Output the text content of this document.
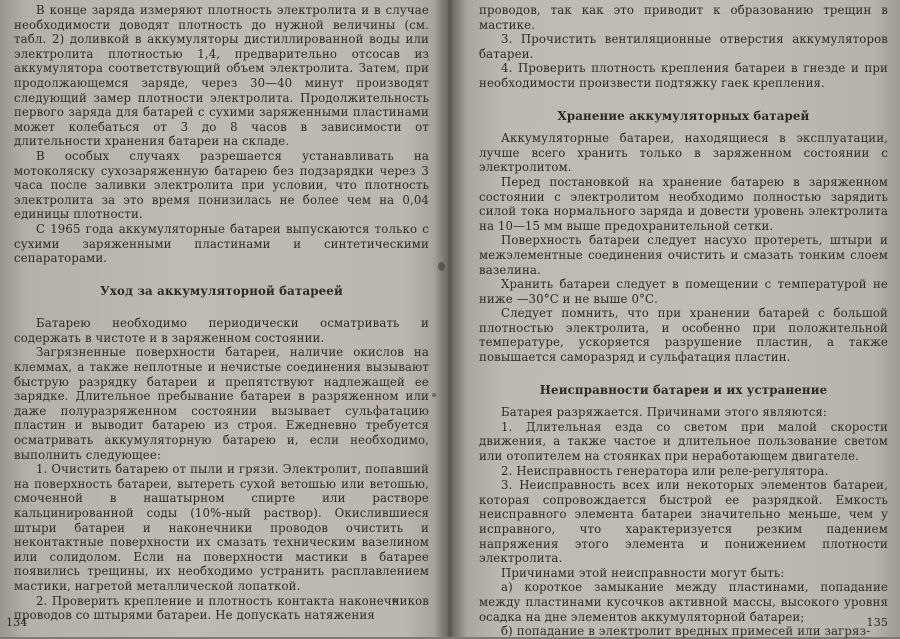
В конце заряда измеряют плотность электролита и в случае необходимости доводят плотность до нужной величины (см. табл. 2) доливкой в аккумуляторы дистиллированной воды или электролита плотностью 1,4, предварительно отсосав из аккумулятора соответствующий объем электролита. Затем, при продолжающемся заряде, через 30—40 минут производят следующий замер плотности электролита. Продолжительность первого заряда для батарей с сухими заряженными пластинами может колебаться от 3 до 8 часов в зависимости от длительности хранения батареи на складе.

В особых случаях разрешается устанавливать на мотоколяску сухозаряженную батарею без подзарядки через 3 часа после заливки электролита при условии, что плотность электролита за это время понизилась не более чем на 0,04 единицы плотности.

С 1965 года аккумуляторные батареи выпускаются только с сухими заряженными пластинами и синтетическими сепараторами.

Уход за аккумуляторной батареей

Батарею необходимо периодически осматривать и содержать в чистоте и в заряженном состоянии.

Загрязненные поверхности батареи, наличие окислов на клеммах, а также неплотные и нечистые соединения вызывают быструю разрядку батареи и препятствуют надлежащей ее зарядке. Длительное пребывание батареи в разряженном или даже полуразряженном состоянии вызывает сульфатацию пластин и выводит батарею из строя. Ежедневно требуется осматривать аккумуляторную батарею и, если необходимо, выполнить следующее:

1. Очистить батарею от пыли и грязи. Электролит, попавший на поверхность батареи, вытереть сухой ветошью или ветошью, смоченной в нашатырном спирте или растворе кальцинированной соды (10%-ный раствор). Окислившиеся штыри батареи и наконечники проводов очистить и неконтактные поверхности их смазать техническим вазелином или солидолом. Если на поверхности мастики в батарее появились трещины, их необходимо устранить расплавлением мастики, нагретой металлической лопаткой.

2. Проверить крепление и плотность контакта наконечников проводов со штырями батареи. Не допускать натяжения

134

проводов, так как это приводит к образованию трещин в мастике.

3. Прочистить вентиляционные отверстия аккумуляторов батареи.

4. Проверить плотность крепления батареи в гнезде и при необходимости произвести подтяжку гаек крепления.

Хранение аккумуляторных батарей

Аккумуляторные батареи, находящиеся в эксплуатации, лучше всего хранить только в заряженном состоянии с электролитом.

Перед постановкой на хранение батарею в заряженном состоянии с электролитом необходимо полностью зарядить силой тока нормального заряда и довести уровень электролита на 10—15 мм выше предохранительной сетки.

Поверхность батареи следует насухо протереть, штыри и межэлементные соединения очистить и смазать тонким слоем вазелина.

Хранить батареи следует в помещении с температурой не ниже —30°С и не выше 0°С.

Следует помнить, что при хранении батарей с большой плотностью электролита, и особенно при положительной температуре, ускоряется разрушение пластин, а также повышается саморазряд и сульфатация пластин.

Неисправности батареи и их устранение

Батарея разряжается. Причинами этого являются:

1. Длительная езда со светом при малой скорости движения, а также частое и длительное пользование светом или отопителем на стоянках при неработающем двигателе.

2. Неисправность генератора или реле-регулятора.

3. Неисправность всех или некоторых элементов батареи, которая сопровождается быстрой ее разрядкой. Емкость неисправного элемента батареи значительно меньше, чем у исправного, что характеризуется резким падением напряжения этого элемента и понижением плотности электролита.

Причинами этой неисправности могут быть:

а) короткое замыкание между пластинами, попадание между пластинами кусочков активной массы, высокого уровня осадка на дне элементов аккумуляторной батареи;

б) попадание в электролит вредных примесей или загряз-

135
